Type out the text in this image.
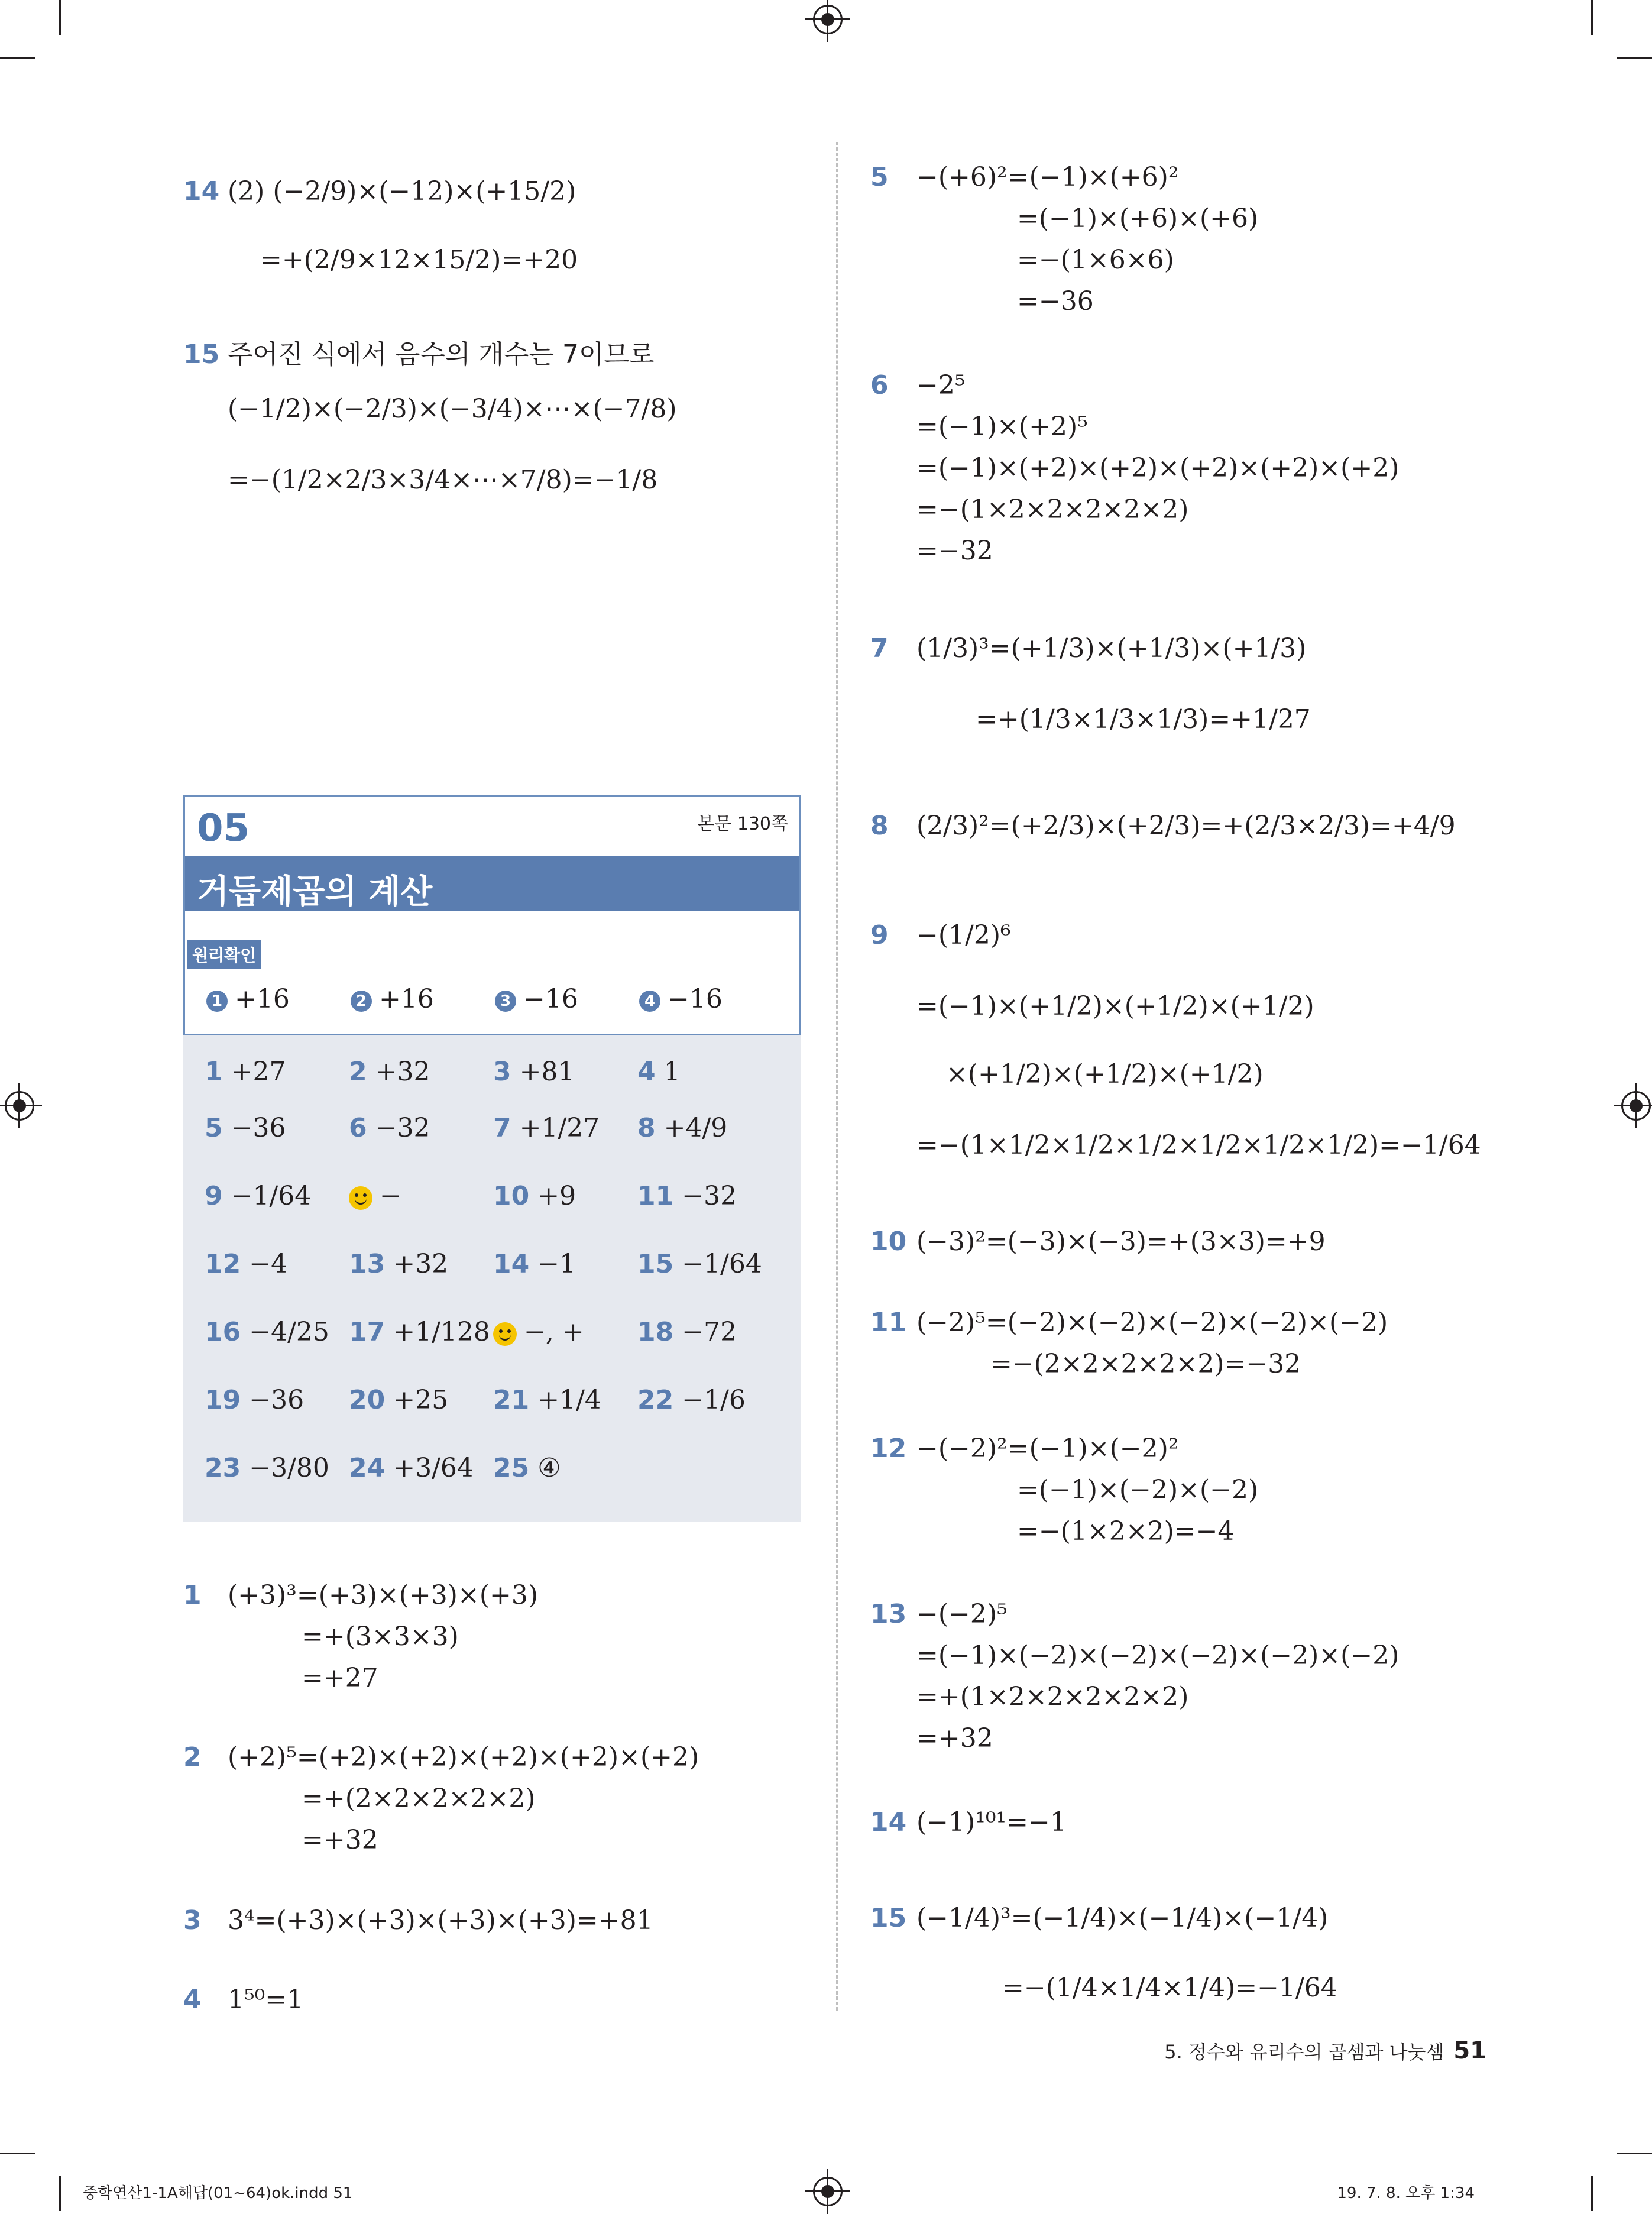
14 (2) (−2/9)×(−12)×(+15/2)
=+(2/9×12×15/2)=+20
15 주어진 식에서 음수의 개수는 7이므로
(−1/2)×(−2/3)×(−3/4)×⋯×(−7/8)
=−(1/2×2/3×3/4×⋯×7/8)=−1/8
05	본문 130쪽
거듭제곱의 계산
원리확인
1 +16	2 +16	3 −16	4 −16
1 +27 2 +32 3 +81 4 1
5 −36 6 −32 7 +1/27 8 +4/9
9 −1/64	−	10 +9 11 −32
12 −4 13 +32 14 −1 15 −1/64
16 −4/25 17 +1/128	−, + 18 −72
19 −36 20 +25 21 +1/4 22 −1/6
23 −3/80 24 +3/64 25 ④
1 (+3)³=(+3)×(+3)×(+3)
=+(3×3×3)
=+27
2 (+2)⁵=(+2)×(+2)×(+2)×(+2)×(+2)
=+(2×2×2×2×2)
=+32
3 3⁴=(+3)×(+3)×(+3)×(+3)=+81
4 1⁵⁰=1
5 −(+6)²=(−1)×(+6)²
=(−1)×(+6)×(+6)
=−(1×6×6)
=−36
6 −2⁵
=(−1)×(+2)⁵
=(−1)×(+2)×(+2)×(+2)×(+2)×(+2)
=−(1×2×2×2×2×2)
=−32
7 (1/3)³=(+1/3)×(+1/3)×(+1/3)
=+(1/3×1/3×1/3)=+1/27
8 (2/3)²=(+2/3)×(+2/3)=+(2/3×2/3)=+4/9
9 −(1/2)⁶
=(−1)×(+1/2)×(+1/2)×(+1/2)
×(+1/2)×(+1/2)×(+1/2)
=−(1×1/2×1/2×1/2×1/2×1/2×1/2)=−1/64
10 (−3)²=(−3)×(−3)=+(3×3)=+9
11 (−2)⁵=(−2)×(−2)×(−2)×(−2)×(−2)
=−(2×2×2×2×2)=−32
12 −(−2)²=(−1)×(−2)²
=(−1)×(−2)×(−2)
=−(1×2×2)=−4
13 −(−2)⁵
=(−1)×(−2)×(−2)×(−2)×(−2)×(−2)
=+(1×2×2×2×2×2)
=+32
14 (−1)¹⁰¹=−1
15 (−1/4)³=(−1/4)×(−1/4)×(−1/4)
=−(1/4×1/4×1/4)=−1/64
5. 정수와 유리수의 곱셈과 나눗셈 51
중학연산1-1A해답(01~64)ok.indd 51	19. 7. 8. 오후 1:34
